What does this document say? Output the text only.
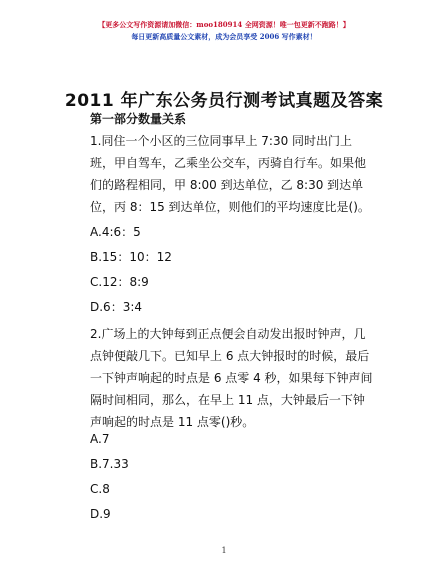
【更多公文写作资源请加微信：moo180914 全网资源！唯一包更新不跑路！】
每日更新高质量公文素材，成为会员享受 2006 写作素材！
2011 年广东公务员行测考试真题及答案
第一部分数量关系
1.同住一个小区的三位同事早上 7:30 同时出门上班，甲自驾车，乙乘坐公交车，丙骑自行车。如果他们的路程相同，甲 8:00 到达单位，乙 8:30 到达单位，丙 8：15 到达单位，则他们的平均速度比是()。
A.4:6：5
B.15：10：12
C.12：8:9
D.6：3:4
2.广场上的大钟每到正点便会自动发出报时钟声，几点钟便敲几下。已知早上 6 点大钟报时的时候，最后一下钟声响起的时点是 6 点零 4 秒，如果每下钟声间隔时间相同，那么，在早上 11 点，大钟最后一下钟声响起的时点是 11 点零()秒。
A.7
B.7.33
C.8
D.9
1
